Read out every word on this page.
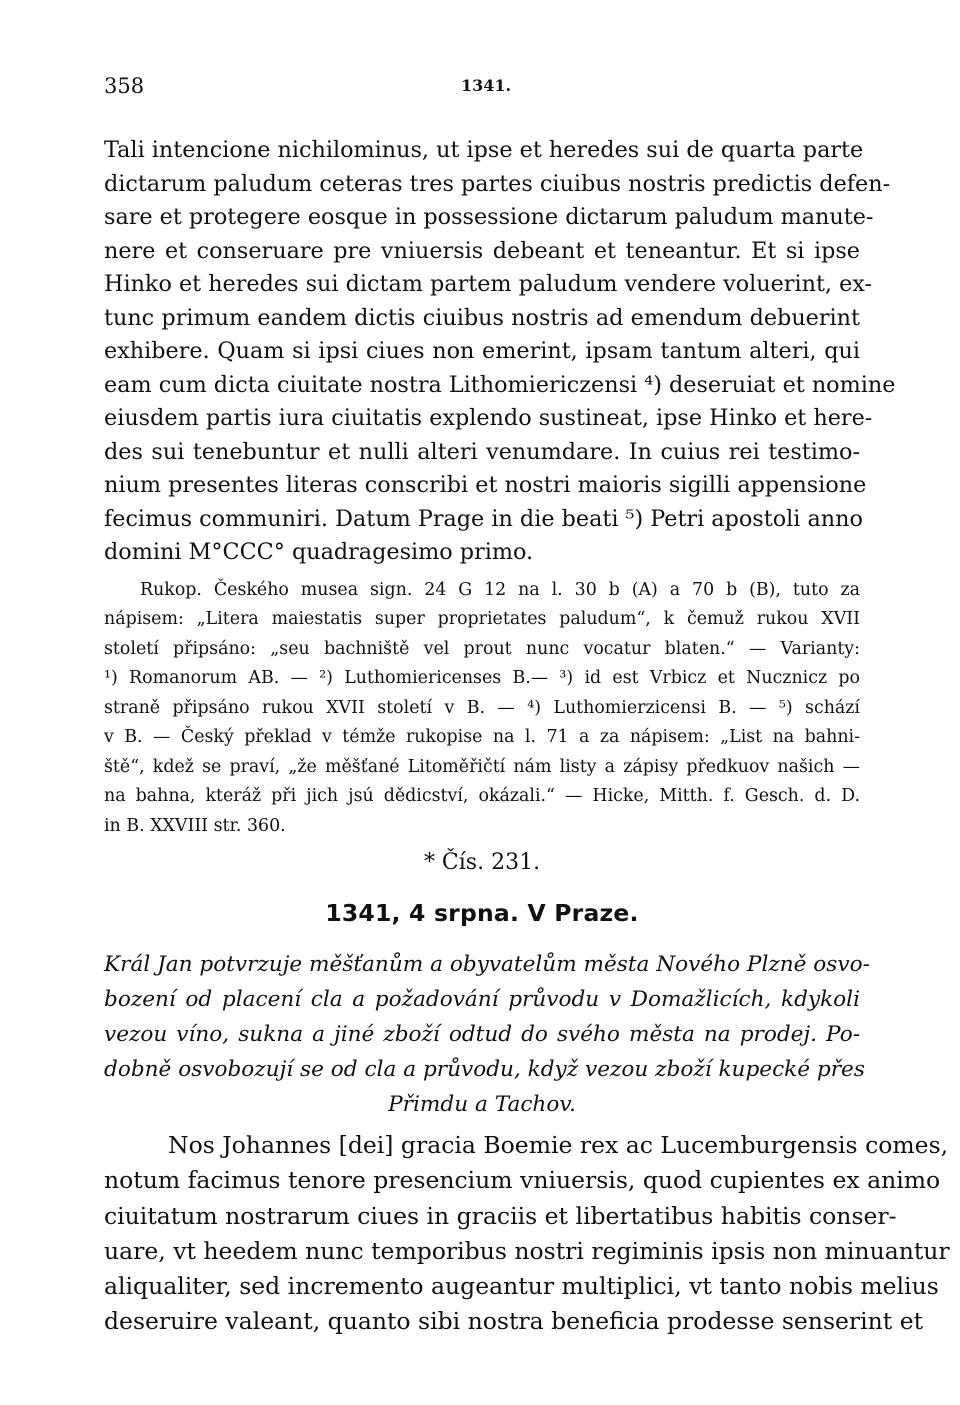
358	1341.
Tali intencione nichilominus, ut ipse et heredes sui de quarta parte
dictarum paludum ceteras tres partes ciuibus nostris predictis defen-
sare et protegere eosque in possessione dictarum paludum manute-
nere et conseruare pre vniuersis debeant et teneantur. Et si ipse
Hinko et heredes sui dictam partem paludum vendere voluerint, ex-
tunc primum eandem dictis ciuibus nostris ad emendum debuerint
exhibere. Quam si ipsi ciues non emerint, ipsam tantum alteri, qui
eam cum dicta ciuitate nostra Lithomiericzensi ⁴) deseruiat et nomine
eiusdem partis iura ciuitatis explendo sustineat, ipse Hinko et here-
des sui tenebuntur et nulli alteri venumdare. In cuius rei testimo-
nium presentes literas conscribi et nostri maioris sigilli appensione
fecimus communiri. Datum Prage in die beati ⁵) Petri apostoli anno
domini M°CCC° quadragesimo primo.
Rukop. Českého musea sign. 24 G 12 na l. 30 b (A) a 70 b (B), tuto za
nápisem: „Litera maiestatis super proprietates paludum“, k čemuž rukou XVII
století připsáno: „seu bachniště vel prout nunc vocatur blaten.“ — Varianty:
¹) Romanorum AB. — ²) Luthomiericenses B.— ³) id est Vrbicz et Nucznicz po
straně připsáno rukou XVII století v B. — ⁴) Luthomierzicensi B. — ⁵) schází
v B. — Český překlad v témže rukopise na l. 71 a za nápisem: „List na bahni-
ště“, kdež se praví, „že měšťané Litoměřičtí nám listy a zápisy předkuov našich —
na bahna, kteráž při jich jsú dědicství, okázali.“ — Hicke, Mitth. f. Gesch. d. D.
in B. XXVIII str. 360.
* Čís. 231.
1341, 4 srpna. V Praze.
Král Jan potvrzuje měšťanům a obyvatelům města Nového Plzně osvo-
bození od placení cla a požadování průvodu v Domažlicích, kdykoli
vezou víno, sukna a jiné zboží odtud do svého města na prodej. Po-
dobně osvobozují se od cla a průvodu, když vezou zboží kupecké přes
Přimdu a Tachov.
Nos Johannes [dei] gracia Boemie rex ac Lucemburgensis comes,
notum facimus tenore presencium vniuersis, quod cupientes ex animo
ciuitatum nostrarum ciues in graciis et libertatibus habitis conser-
uare, vt heedem nunc temporibus nostri regiminis ipsis non minuantur
aliqualiter, sed incremento augeantur multiplici, vt tanto nobis melius
deseruire valeant, quanto sibi nostra beneficia prodesse senserint et
